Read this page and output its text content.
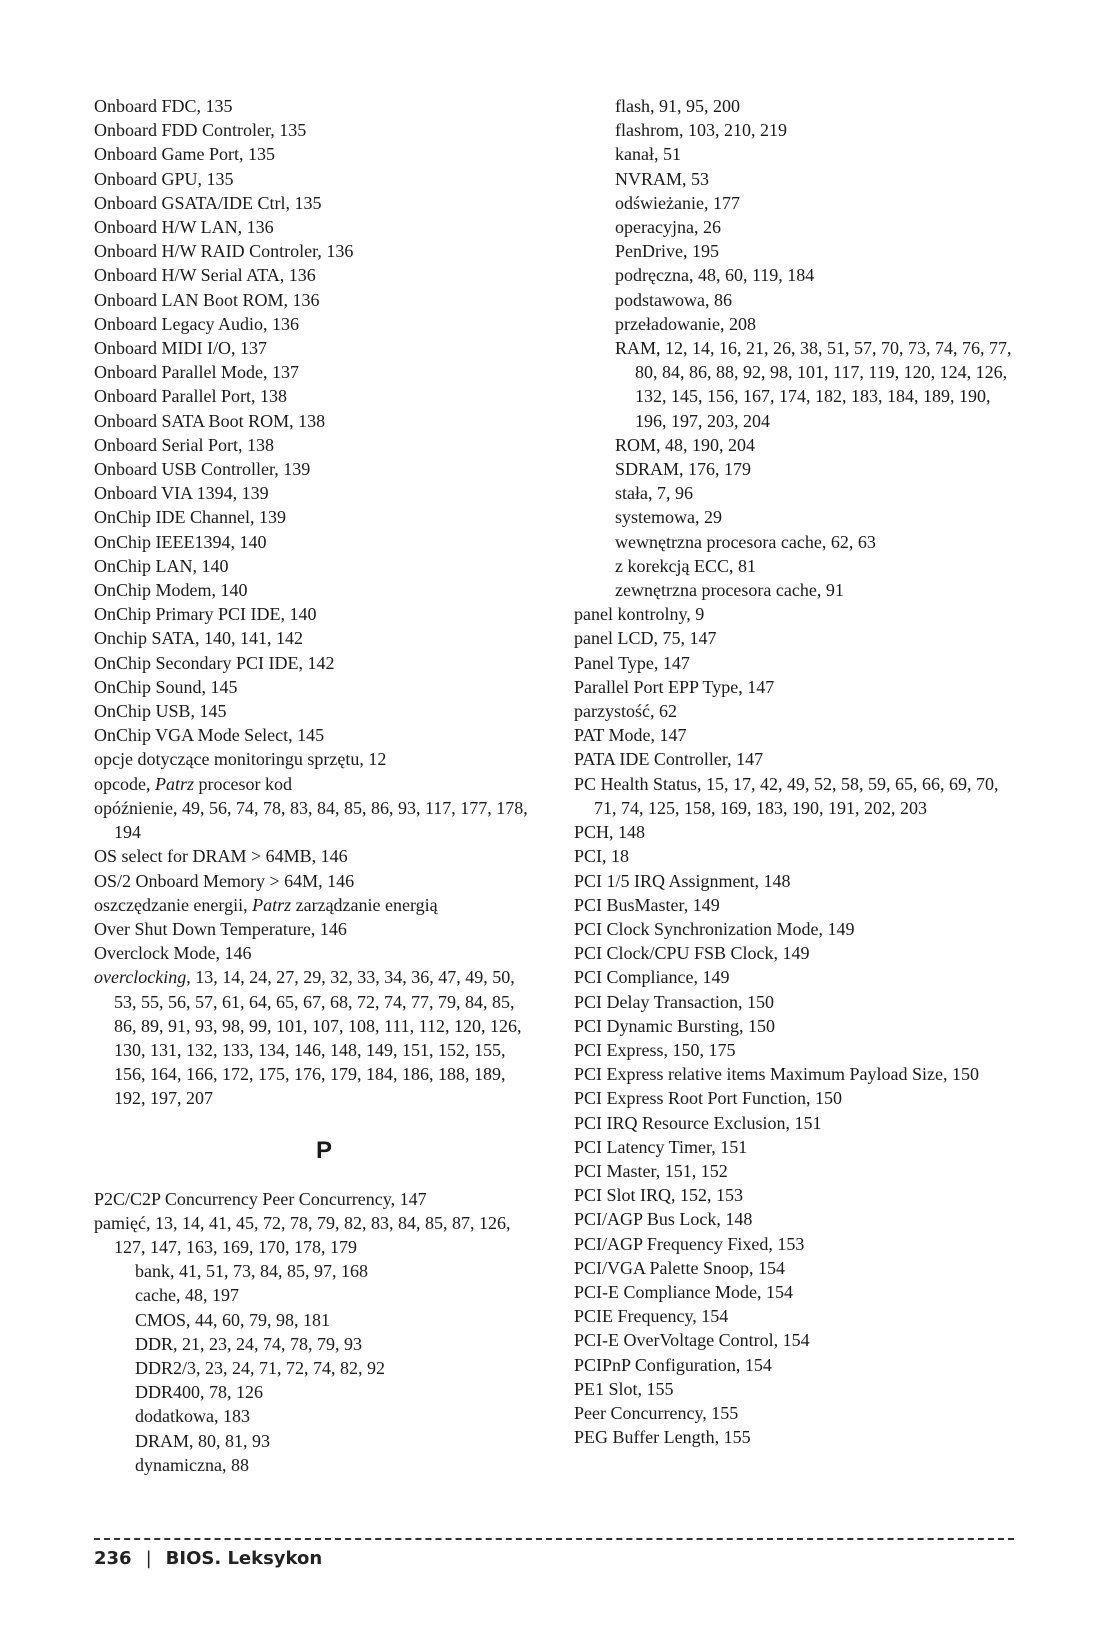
Onboard FDC, 135
Onboard FDD Controler, 135
Onboard Game Port, 135
Onboard GPU, 135
Onboard GSATA/IDE Ctrl, 135
Onboard H/W LAN, 136
Onboard H/W RAID Controler, 136
Onboard H/W Serial ATA, 136
Onboard LAN Boot ROM, 136
Onboard Legacy Audio, 136
Onboard MIDI I/O, 137
Onboard Parallel Mode, 137
Onboard Parallel Port, 138
Onboard SATA Boot ROM, 138
Onboard Serial Port, 138
Onboard USB Controller, 139
Onboard VIA 1394, 139
OnChip IDE Channel, 139
OnChip IEEE1394, 140
OnChip LAN, 140
OnChip Modem, 140
OnChip Primary PCI IDE, 140
Onchip SATA, 140, 141, 142
OnChip Secondary PCI IDE, 142
OnChip Sound, 145
OnChip USB, 145
OnChip VGA Mode Select, 145
opcje dotyczące monitoringu sprzętu, 12
opcode, Patrz procesor kod
opóźnienie, 49, 56, 74, 78, 83, 84, 85, 86, 93, 117, 177, 178, 194
OS select for DRAM > 64MB, 146
OS/2 Onboard Memory > 64M, 146
oszczędzanie energii, Patrz zarządzanie energią
Over Shut Down Temperature, 146
Overclock Mode, 146
overclocking, 13, 14, 24, 27, 29, 32, 33, 34, 36, 47, 49, 50, 53, 55, 56, 57, 61, 64, 65, 67, 68, 72, 74, 77, 79, 84, 85, 86, 89, 91, 93, 98, 99, 101, 107, 108, 111, 112, 120, 126, 130, 131, 132, 133, 134, 146, 148, 149, 151, 152, 155, 156, 164, 166, 172, 175, 176, 179, 184, 186, 188, 189, 192, 197, 207
P
P2C/C2P Concurrency Peer Concurrency, 147
pamięć, 13, 14, 41, 45, 72, 78, 79, 82, 83, 84, 85, 87, 126, 127, 147, 163, 169, 170, 178, 179
bank, 41, 51, 73, 84, 85, 97, 168
cache, 48, 197
CMOS, 44, 60, 79, 98, 181
DDR, 21, 23, 24, 74, 78, 79, 93
DDR2/3, 23, 24, 71, 72, 74, 82, 92
DDR400, 78, 126
dodatkowa, 183
DRAM, 80, 81, 93
dynamiczna, 88
flash, 91, 95, 200
flashrom, 103, 210, 219
kanał, 51
NVRAM, 53
odświeżanie, 177
operacyjna, 26
PenDrive, 195
podręczna, 48, 60, 119, 184
podstawowa, 86
przeładowanie, 208
RAM, 12, 14, 16, 21, 26, 38, 51, 57, 70, 73, 74, 76, 77, 80, 84, 86, 88, 92, 98, 101, 117, 119, 120, 124, 126, 132, 145, 156, 167, 174, 182, 183, 184, 189, 190, 196, 197, 203, 204
ROM, 48, 190, 204
SDRAM, 176, 179
stała, 7, 96
systemowa, 29
wewnętrzna procesora cache, 62, 63
z korekcją ECC, 81
zewnętrzna procesora cache, 91
panel kontrolny, 9
panel LCD, 75, 147
Panel Type, 147
Parallel Port EPP Type, 147
parzystość, 62
PAT Mode, 147
PATA IDE Controller, 147
PC Health Status, 15, 17, 42, 49, 52, 58, 59, 65, 66, 69, 70, 71, 74, 125, 158, 169, 183, 190, 191, 202, 203
PCH, 148
PCI, 18
PCI 1/5 IRQ Assignment, 148
PCI BusMaster, 149
PCI Clock Synchronization Mode, 149
PCI Clock/CPU FSB Clock, 149
PCI Compliance, 149
PCI Delay Transaction, 150
PCI Dynamic Bursting, 150
PCI Express, 150, 175
PCI Express relative items Maximum Payload Size, 150
PCI Express Root Port Function, 150
PCI IRQ Resource Exclusion, 151
PCI Latency Timer, 151
PCI Master, 151, 152
PCI Slot IRQ, 152, 153
PCI/AGP Bus Lock, 148
PCI/AGP Frequency Fixed, 153
PCI/VGA Palette Snoop, 154
PCI-E Compliance Mode, 154
PCIE Frequency, 154
PCI-E OverVoltage Control, 154
PCIPnP Configuration, 154
PE1 Slot, 155
Peer Concurrency, 155
PEG Buffer Length, 155
236 | BIOS. Leksykon
